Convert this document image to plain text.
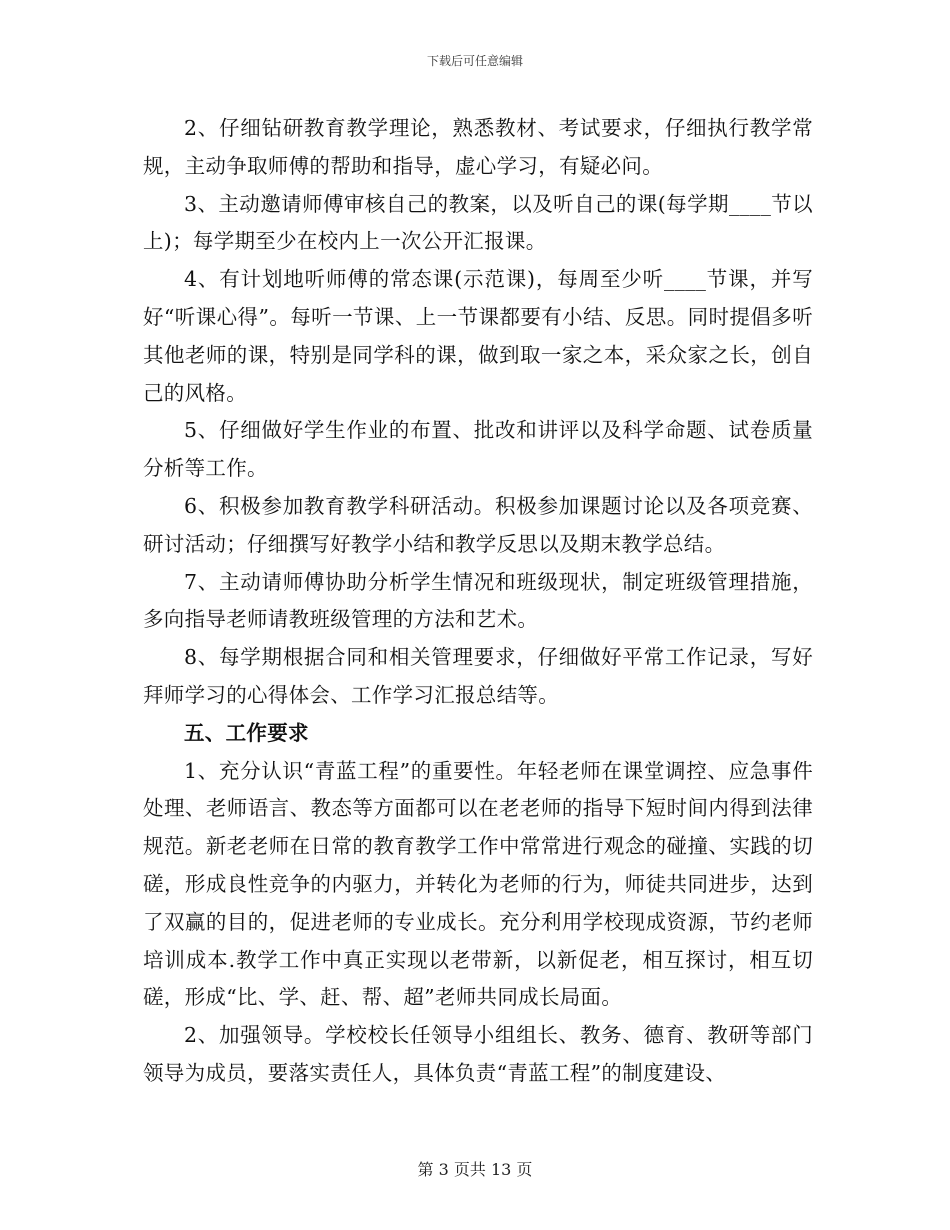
下载后可任意编辑

2、仔细钻研教育教学理论，熟悉教材、考试要求，仔细执行教学常规，主动争取师傅的帮助和指导，虚心学习，有疑必问。

3、主动邀请师傅审核自己的教案，以及听自己的课(每学期____节以上)；每学期至少在校内上一次公开汇报课。

4、有计划地听师傅的常态课(示范课)，每周至少听____节课，并写好“听课心得”。每听一节课、上一节课都要有小结、反思。同时提倡多听其他老师的课，特别是同学科的课，做到取一家之本，采众家之长，创自己的风格。

5、仔细做好学生作业的布置、批改和讲评以及科学命题、试卷质量分析等工作。

6、积极参加教育教学科研活动。积极参加课题讨论以及各项竞赛、研讨活动；仔细撰写好教学小结和教学反思以及期末教学总结。

7、主动请师傅协助分析学生情况和班级现状，制定班级管理措施，多向指导老师请教班级管理的方法和艺术。

8、每学期根据合同和相关管理要求，仔细做好平常工作记录，写好拜师学习的心得体会、工作学习汇报总结等。

五、工作要求

1、充分认识“青蓝工程”的重要性。年轻老师在课堂调控、应急事件处理、老师语言、教态等方面都可以在老老师的指导下短时间内得到法律规范。新老老师在日常的教育教学工作中常常进行观念的碰撞、实践的切磋，形成良性竞争的内驱力，并转化为老师的行为，师徒共同进步，达到了双赢的目的，促进老师的专业成长。充分利用学校现成资源，节约老师培训成本.教学工作中真正实现以老带新，以新促老，相互探讨，相互切磋，形成“比、学、赶、帮、超”老师共同成长局面。

2、加强领导。学校校长任领导小组组长、教务、德育、教研等部门领导为成员，要落实责任人，具体负责“青蓝工程”的制度建设、

第 3 页共 13 页
